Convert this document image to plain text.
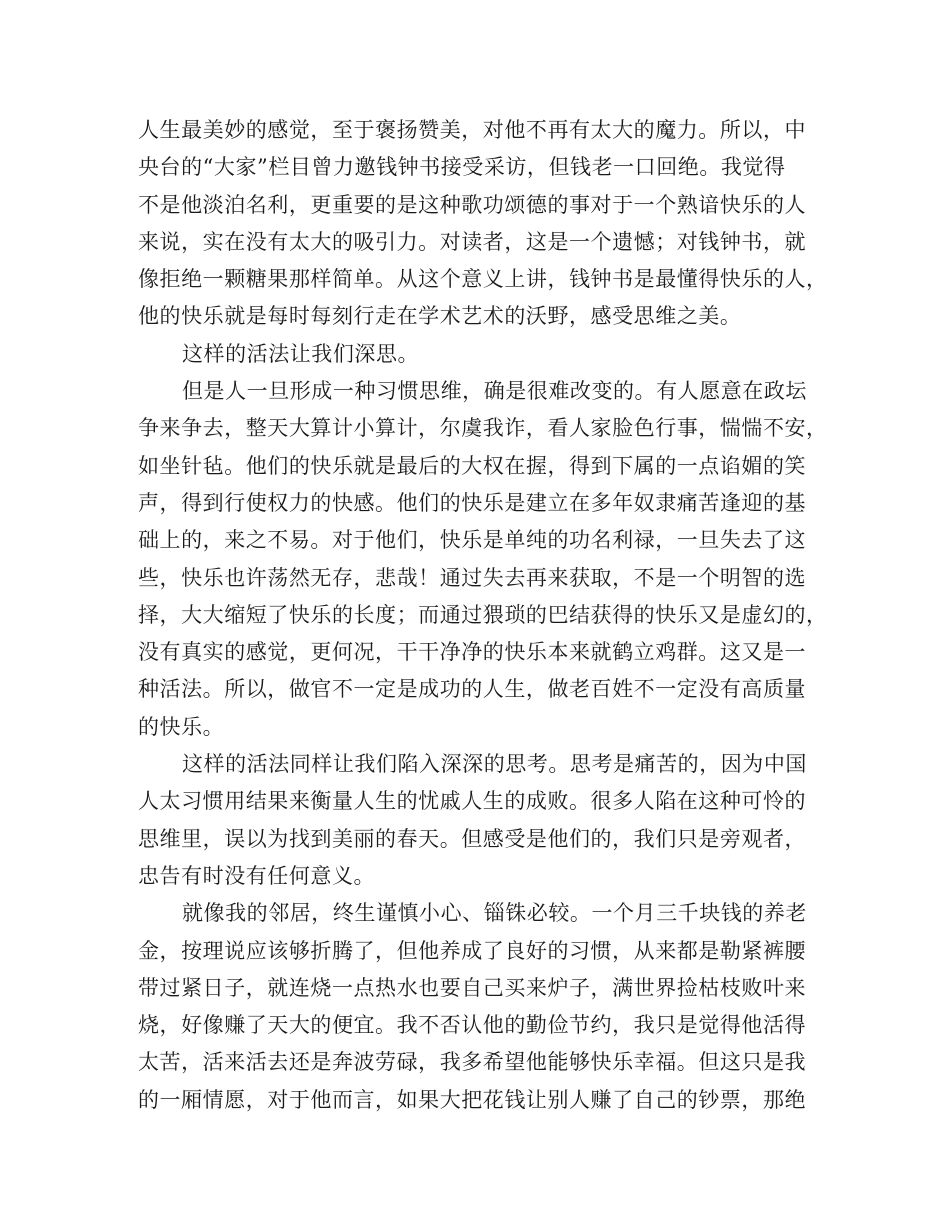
人生最美妙的感觉，至于褒扬赞美，对他不再有太大的魔力。所以，中
央台的“大家”栏目曾力邀钱钟书接受采访，但钱老一口回绝。我觉得
不是他淡泊名利，更重要的是这种歌功颂德的事对于一个熟谙快乐的人
来说，实在没有太大的吸引力。对读者，这是一个遗憾；对钱钟书，就
像拒绝一颗糖果那样简单。从这个意义上讲，钱钟书是最懂得快乐的人，
他的快乐就是每时每刻行走在学术艺术的沃野，感受思维之美。
这样的活法让我们深思。
但是人一旦形成一种习惯思维，确是很难改变的。有人愿意在政坛
争来争去，整天大算计小算计，尔虞我诈，看人家脸色行事，惴惴不安，
如坐针毡。他们的快乐就是最后的大权在握，得到下属的一点谄媚的笑
声，得到行使权力的快感。他们的快乐是建立在多年奴隶痛苦逢迎的基
础上的，来之不易。对于他们，快乐是单纯的功名利禄，一旦失去了这
些，快乐也许荡然无存，悲哉！通过失去再来获取，不是一个明智的选
择，大大缩短了快乐的长度；而通过猥琐的巴结获得的快乐又是虚幻的，
没有真实的感觉，更何况，干干净净的快乐本来就鹤立鸡群。这又是一
种活法。所以，做官不一定是成功的人生，做老百姓不一定没有高质量
的快乐。
这样的活法同样让我们陷入深深的思考。思考是痛苦的，因为中国
人太习惯用结果来衡量人生的忧戚人生的成败。很多人陷在这种可怜的
思维里，误以为找到美丽的春天。但感受是他们的，我们只是旁观者，
忠告有时没有任何意义。
就像我的邻居，终生谨慎小心、锱铢必较。一个月三千块钱的养老
金，按理说应该够折腾了，但他养成了良好的习惯，从来都是勒紧裤腰
带过紧日子，就连烧一点热水也要自己买来炉子，满世界捡枯枝败叶来
烧，好像赚了天大的便宜。我不否认他的勤俭节约，我只是觉得他活得
太苦，活来活去还是奔波劳碌，我多希望他能够快乐幸福。但这只是我
的一厢情愿，对于他而言，如果大把花钱让别人赚了自己的钞票，那绝
